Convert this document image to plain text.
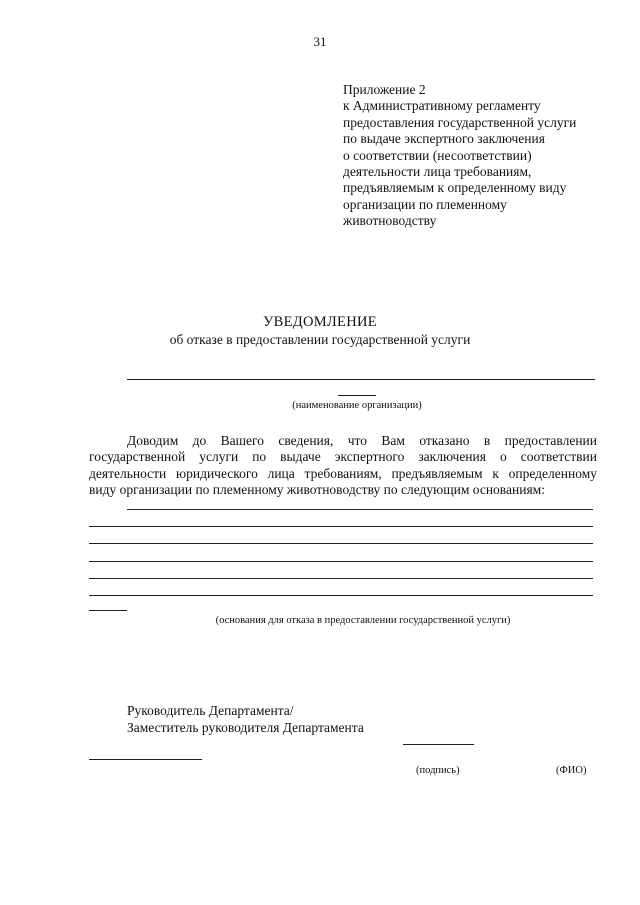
31
Приложение 2
к Административному регламенту
предоставления государственной услуги
по выдаче экспертного заключения
о соответствии (несоответствии)
деятельности лица требованиям,
предъявляемым к определенному виду
организации по племенному
животноводству
УВЕДОМЛЕНИЕ
об отказе в предоставлении государственной услуги
(наименование организации)
Доводим до Вашего сведения, что Вам отказано в предоставлении
государственной услуги по выдаче экспертного заключения о соответствии
деятельности юридического лица требованиям, предъявляемым к определенному
виду организации по племенному животноводству по следующим основаниям:
(основания для отказа в предоставлении государственной услуги)
Руководитель Департамента/
Заместитель руководителя Департамента
(подпись)	(ФИО)
